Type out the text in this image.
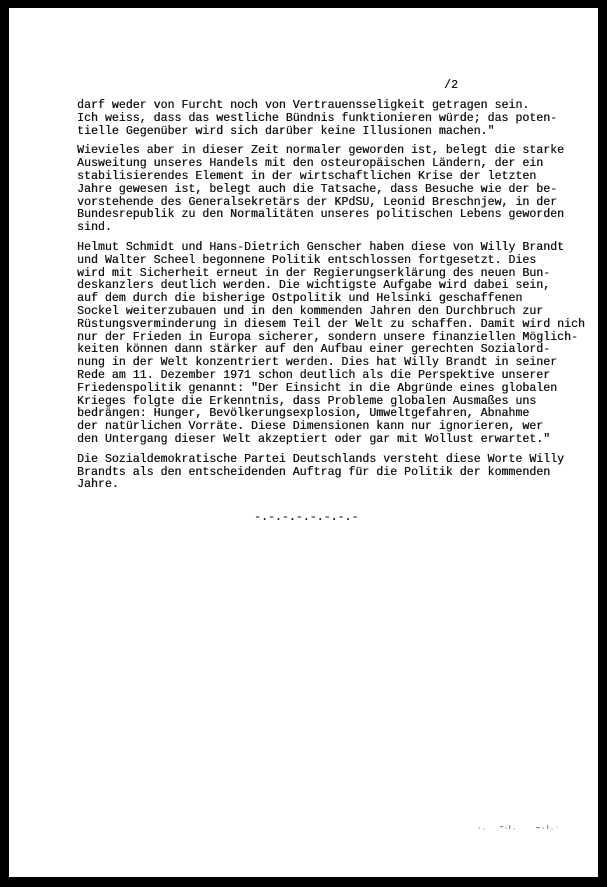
/2
darf weder von Furcht noch von Vertrauensseligkeit getragen sein.
Ich weiss, dass das westliche Bündnis funktionieren würde; das poten-
tielle Gegenüber wird sich darüber keine Illusionen machen."
Wievieles aber in dieser Zeit normaler geworden ist, belegt die starke
Ausweitung unseres Handels mit den osteuropäischen Ländern, der ein
stabilisierendes Element in der wirtschaftlichen Krise der letzten
Jahre gewesen ist, belegt auch die Tatsache, dass Besuche wie der be-
vorstehende des Generalsekretärs der KPdSU, Leonid Breschnjew, in der
Bundesrepublik zu den Normalitäten unseres politischen Lebens geworden
sind.
Helmut Schmidt und Hans-Dietrich Genscher haben diese von Willy Brandt
und Walter Scheel begonnene Politik entschlossen fortgesetzt. Dies
wird mit Sicherheit erneut in der Regierungserklärung des neuen Bun-
deskanzlers deutlich werden. Die wichtigste Aufgabe wird dabei sein,
auf dem durch die bisherige Ostpolitik und Helsinki geschaffenen
Sockel weiterzubauen und in den kommenden Jahren den Durchbruch zur
Rüstungsverminderung in diesem Teil der Welt zu schaffen. Damit wird nich
nur der Frieden in Europa sicherer, sondern unsere finanziellen Möglich-
keiten können dann stärker auf den Aufbau einer gerechten Sozialord-
nung in der Welt konzentriert werden. Dies hat Willy Brandt in seiner
Rede am 11. Dezember 1971 schon deutlich als die Perspektive unserer
Friedenspolitik genannt: "Der Einsicht in die Abgründe eines globalen
Krieges folgte die Erkenntnis, dass Probleme globalen Ausmaßes uns
bedrängen: Hunger, Bevölkerungsexplosion, Umweltgefahren, Abnahme
der natürlichen Vorräte. Diese Dimensionen kann nur ignorieren, wer
den Untergang dieser Welt akzeptiert oder gar mit Wollust erwartet."
Die Sozialdemokratische Partei Deutschlands versteht diese Worte Willy
Brandts als den entscheidenden Auftrag für die Politik der kommenden
Jahre.
-.-.-.-.-.-.-.-
